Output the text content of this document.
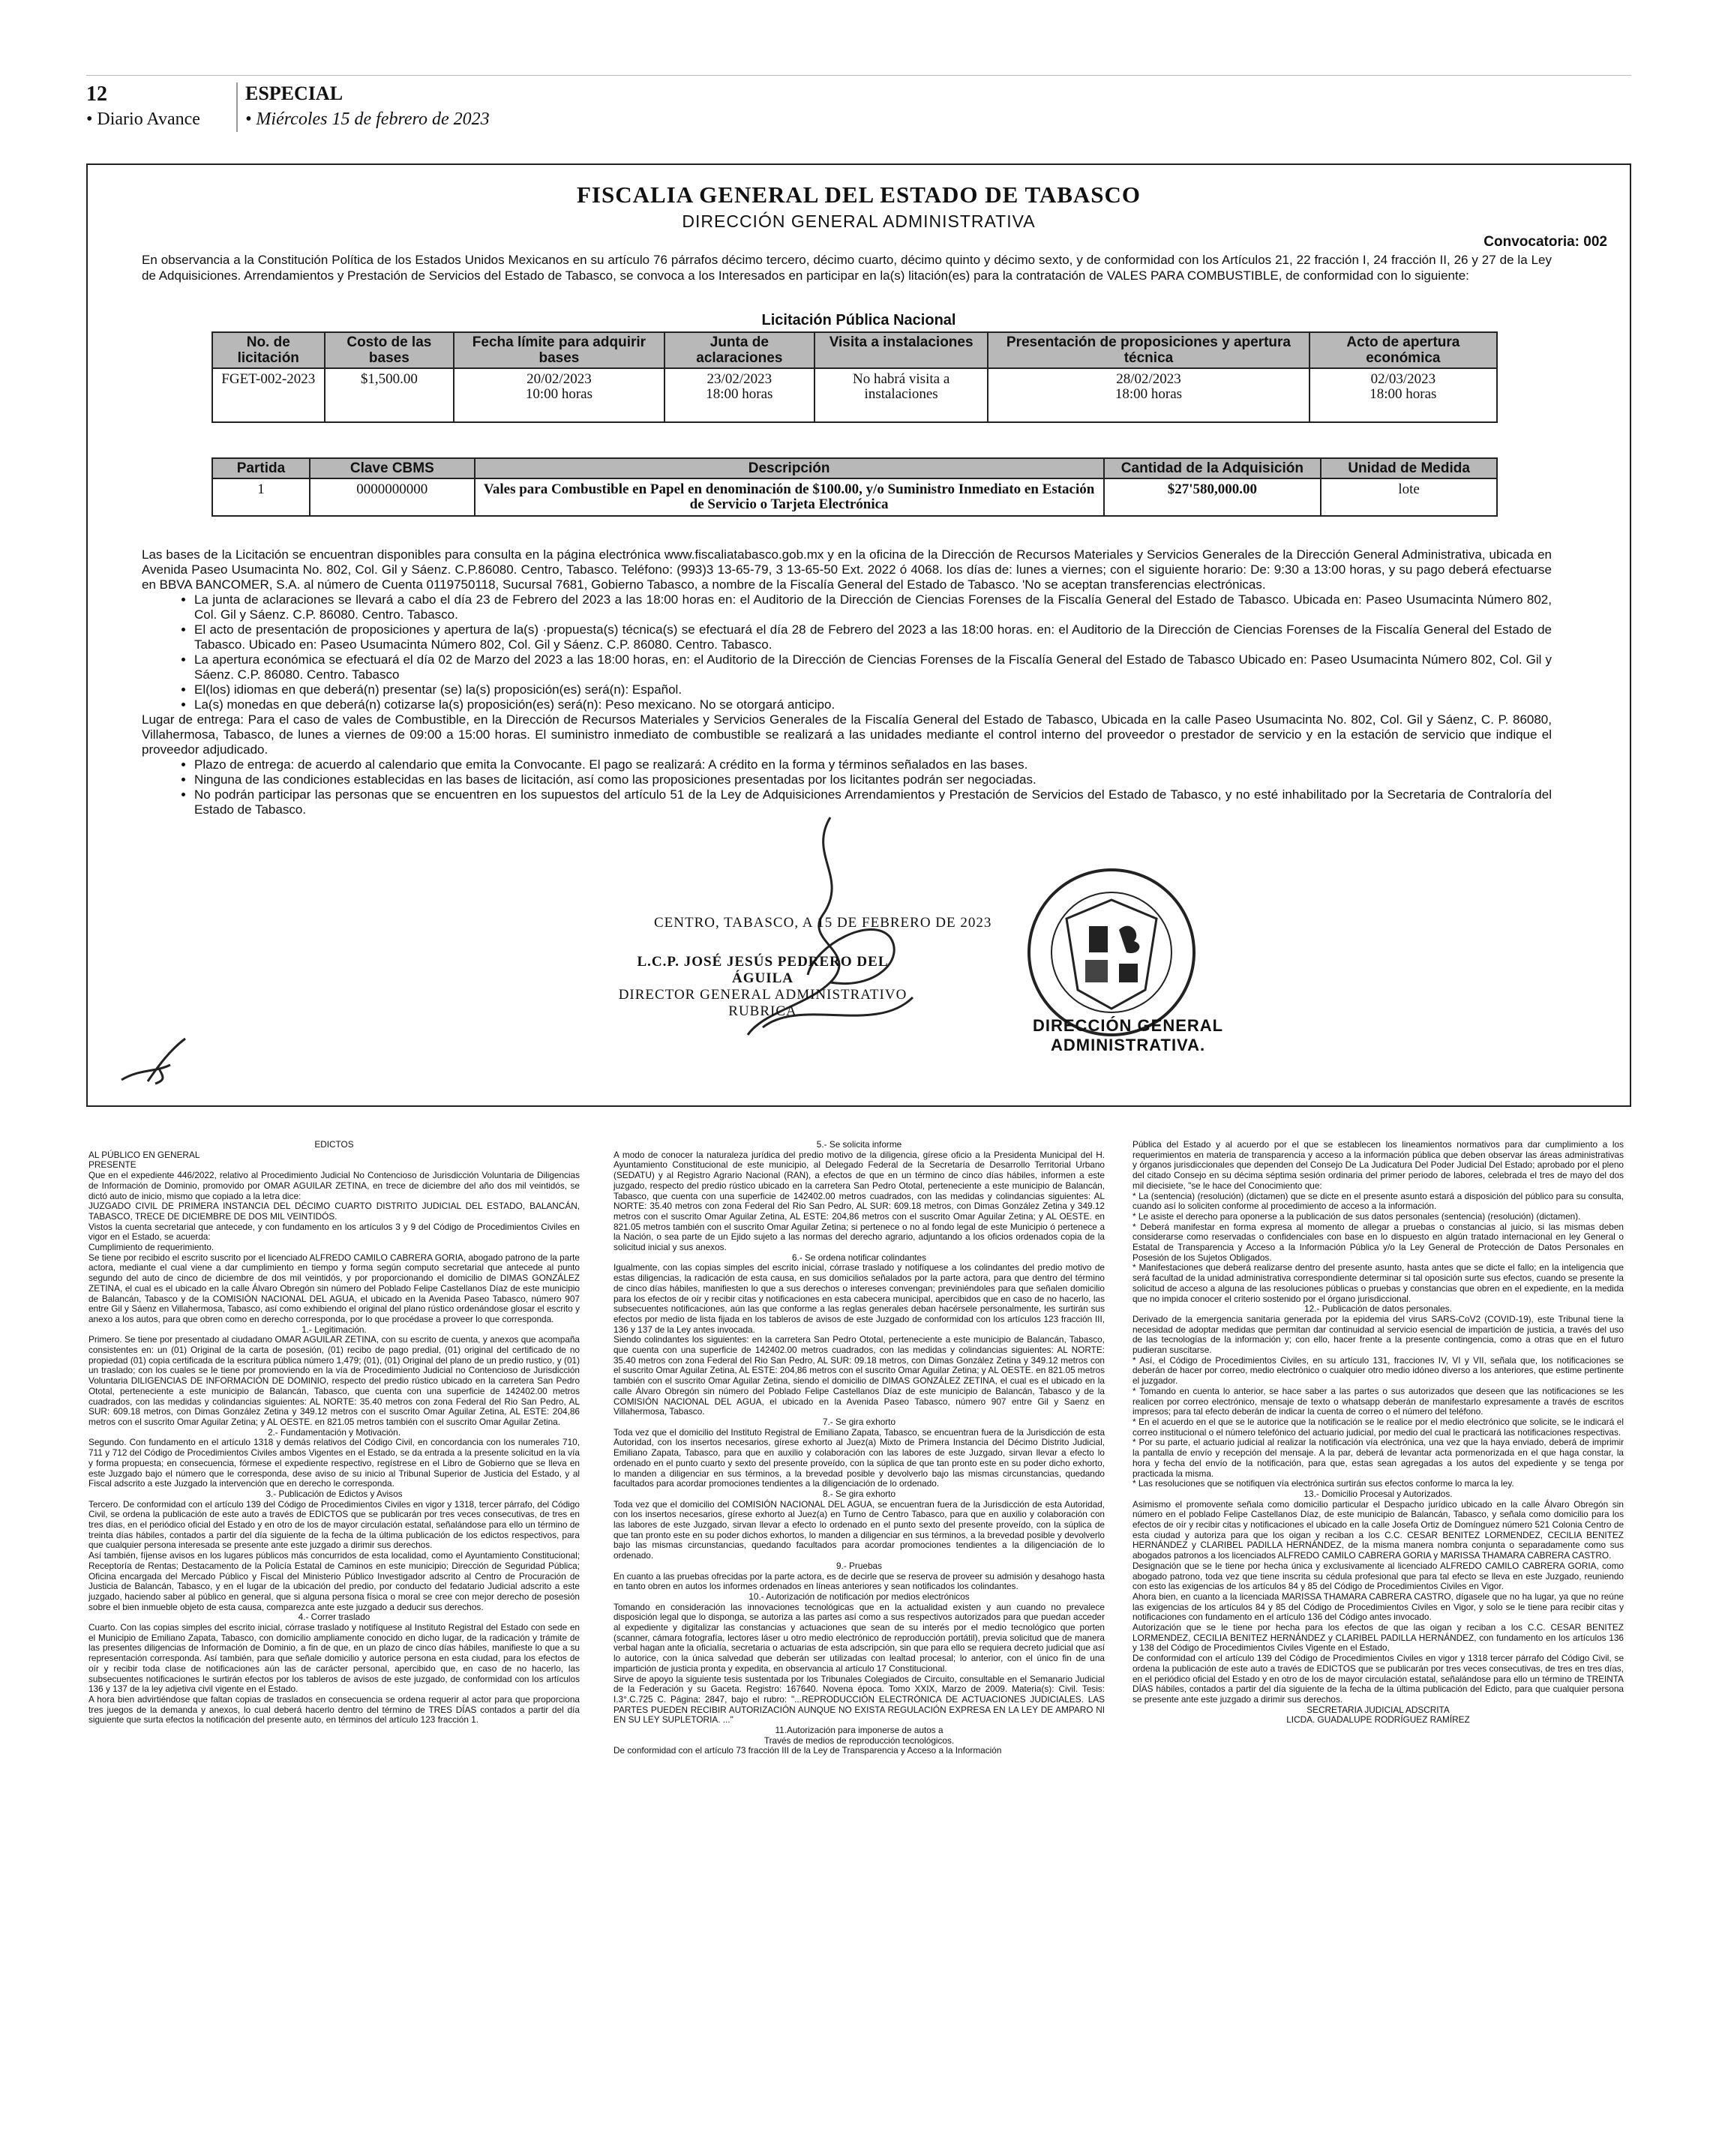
12
• Diario Avance
ESPECIAL
• Miércoles 15 de febrero de 2023
FISCALIA GENERAL DEL ESTADO DE TABASCO
DIRECCIÓN GENERAL ADMINISTRATIVA
Convocatoria: 002
En observancia a la Constitución Política de los Estados Unidos Mexicanos en su artículo 76 párrafos décimo tercero, décimo cuarto, décimo quinto y décimo sexto, y de conformidad con los Artículos 21, 22 fracción I, 24 fracción II, 26 y 27 de la Ley de Adquisiciones. Arrendamientos y Prestación de Servicios del Estado de Tabasco, se convoca a los Interesados en participar en la(s) litación(es) para la contratación de VALES PARA COMBUSTIBLE, de conformidad con lo siguiente:
Licitación Pública Nacional
No. de licitación	Costo de las bases	Fecha límite para adquirir bases	Junta de aclaraciones	Visita a instalaciones	Presentación de proposiciones y apertura técnica	Acto de apertura económica
FGET-002-2023	$1,500.00	20/02/2023
10:00 horas	23/02/2023
18:00 horas	No habrá visita a instalaciones	28/02/2023
18:00 horas	02/03/2023
18:00 horas
Partida	Clave CBMS	Descripción	Cantidad de la Adquisición	Unidad de Medida
1	0000000000	Vales para Combustible en Papel en denominación de $100.00, y/o Suministro Inmediato en Estación de Servicio o Tarjeta Electrónica	$27'580,000.00	lote

Las bases de la Licitación se encuentran disponibles para consulta en la página electrónica www.fiscaliatabasco.gob.mx y en la oficina de la Dirección de Recursos Materiales y Servicios Generales de la Dirección General Administrativa, ubicada en Avenida Paseo Usumacinta No. 802, Col. Gil y Sáenz. C.P.86080. Centro, Tabasco. Teléfono: (993)3 13-65-79, 3 13-65-50 Ext. 2022 ó 4068. los días de: lunes a viernes; con el siguiente horario: De: 9:30 a 13:00 horas, y su pago deberá efectuarse en BBVA BANCOMER, S.A. al número de Cuenta 0119750118, Sucursal 7681, Gobierno Tabasco, a nombre de la Fiscalía General del Estado de Tabasco. 'No se aceptan transferencias electrónicas.

• La junta de aclaraciones se llevará a cabo el día 23 de Febrero del 2023 a las 18:00 horas en: el Auditorio de la Dirección de Ciencias Forenses de la Fiscalía General del Estado de Tabasco. Ubicada en: Paseo Usumacinta Número 802, Col. Gil y Sáenz. C.P. 86080. Centro. Tabasco.
• El acto de presentación de proposiciones y apertura de la(s) ·propuesta(s) técnica(s) se efectuará el día 28 de Febrero del 2023 a las 18:00 horas. en: el Auditorio de la Dirección de Ciencias Forenses de la Fiscalía General del Estado de Tabasco. Ubicado en: Paseo Usumacinta Número 802, Col. Gil y Sáenz. C.P. 86080. Centro. Tabasco.
• La apertura económica se efectuará el día 02 de Marzo del 2023 a las 18:00 horas, en: el Auditorio de la Dirección de Ciencias Forenses de la Fiscalía General del Estado de Tabasco Ubicado en: Paseo Usumacinta Número 802, Col. Gil y Sáenz. C.P. 86080. Centro. Tabasco
• El(los) idiomas en que deberá(n) presentar (se) la(s) proposición(es) será(n): Español.
• La(s) monedas en que deberá(n) cotizarse la(s) proposición(es) será(n): Peso mexicano. No se otorgará anticipo.

Lugar de entrega: Para el caso de vales de Combustible, en la Dirección de Recursos Materiales y Servicios Generales de la Fiscalía General del Estado de Tabasco, Ubicada en la calle Paseo Usumacinta No. 802, Col. Gil y Sáenz, C. P. 86080, Villahermosa, Tabasco, de lunes a viernes de 09:00 a 15:00 horas. El suministro inmediato de combustible se realizará a las unidades mediante el control interno del proveedor o prestador de servicio y en la estación de servicio que indique el proveedor adjudicado.

• Plazo de entrega: de acuerdo al calendario que emita la Convocante. El pago se realizará: A crédito en la forma y términos señalados en las bases.
• Ninguna de las condiciones establecidas en las bases de licitación, así como las proposiciones presentadas por los licitantes podrán ser negociadas.
• No podrán participar las personas que se encuentren en los supuestos del artículo 51 de la Ley de Adquisiciones Arrendamientos y Prestación de Servicios del Estado de Tabasco, y no esté inhabilitado por la Secretaria de Contraloría del Estado de Tabasco.
CENTRO, TABASCO, A 15 DE FEBRERO DE 2023
L.C.P. JOSÉ JESÚS PEDRERO DEL ÁGUILA
DIRECTOR GENERAL ADMINISTRATIVO
RUBRICA
DIRECCIÓN GENERAL
ADMINISTRATIVA.

EDICTOS

AL PÚBLICO EN GENERAL

PRESENTE

Que en el expediente 446/2022, relativo al Procedimiento Judicial No Contencioso de Jurisdicción Voluntaria de Diligencias de Información de Dominio, promovido por OMAR AGUILAR ZETINA, en trece de diciembre del año dos mil veintidós, se dictó auto de inicio, mismo que copiado a la letra dice:

JUZGADO CIVIL DE PRIMERA INSTANCIA DEL DÉCIMO CUARTO DISTRITO JUDICIAL DEL ESTADO, BALANCÁN, TABASCO, TRECE DE DICIEMBRE DE DOS MIL VEINTIDÓS.

Vistos la cuenta secretarial que antecede, y con fundamento en los artículos 3 y 9 del Código de Procedimientos Civiles en vigor en el Estado, se acuerda:

Cumplimiento de requerimiento.

Se tiene por recibido el escrito suscrito por el licenciado ALFREDO CAMILO CABRERA GORIA, abogado patrono de la parte actora, mediante el cual viene a dar cumplimiento en tiempo y forma según computo secretarial que antecede al punto segundo del auto de cinco de diciembre de dos mil veintidós, y por proporcionando el domicilio de DIMAS GONZÁLEZ ZETINA, el cual es el ubicado en la calle Álvaro Obregón sin número del Poblado Felipe Castellanos Díaz de este municipio de Balancán, Tabasco y de la COMISIÓN NACIONAL DEL AGUA, el ubicado en la Avenida Paseo Tabasco, número 907 entre Gil y Sáenz en Villahermosa, Tabasco, así como exhibiendo el original del plano rústico ordenándose glosar el escrito y anexo a los autos, para que obren como en derecho corresponda, por lo que procédase a proveer lo que corresponda.

1.- Legitimación.

Primero. Se tiene por presentado al ciudadano OMAR AGUILAR ZETINA, con su escrito de cuenta, y anexos que acompaña consistentes en: un (01) Original de la carta de posesión, (01) recibo de pago predial, (01) original del certificado de no propiedad (01) copia certificada de la escritura pública número 1,479; (01), (01) Original del plano de un predio rustico, y (01) un traslado; con los cuales se le tiene por promoviendo en la vía de Procedimiento Judicial no Contencioso de Jurisdicción Voluntaria DILIGENCIAS DE INFORMACIÓN DE DOMINIO, respecto del predio rústico ubicado en la carretera San Pedro Ototal, perteneciente a este municipio de Balancán, Tabasco, que cuenta con una superficie de 142402.00 metros cuadrados, con las medidas y colindancias siguientes: AL NORTE: 35.40 metros con zona Federal del Rio San Pedro, AL SUR: 609.18 metros, con Dimas González Zetina y 349.12 metros con el suscrito Omar Aguilar Zetina, AL ESTE: 204,86 metros con el suscrito Omar Aguilar Zetina; y AL OESTE. en 821.05 metros también con el suscrito Omar Aguilar Zetina.

2.- Fundamentación y Motivación.

Segundo. Con fundamento en el artículo 1318 y demás relativos del Código Civil, en concordancia con los numerales 710, 711 y 712 del Código de Procedimientos Civiles ambos Vigentes en el Estado, se da entrada a la presente solicitud en la vía y forma propuesta; en consecuencia, fórmese el expediente respectivo, regístrese en el Libro de Gobierno que se lleva en este Juzgado bajo el número que le corresponda, dese aviso de su inicio al Tribunal Superior de Justicia del Estado, y al Fiscal adscrito a este Juzgado la intervención que en derecho le corresponda.

3.- Publicación de Edictos y Avisos

Tercero. De conformidad con el artículo 139 del Código de Procedimientos Civiles en vigor y 1318, tercer párrafo, del Código Civil, se ordena la publicación de este auto a través de EDICTOS que se publicarán por tres veces consecutivas, de tres en tres días, en el periódico oficial del Estado y en otro de los de mayor circulación estatal, señalándose para ello un término de treinta días hábiles, contados a partir del día siguiente de la fecha de la última publicación de los edictos respectivos, para que cualquier persona interesada se presente ante este juzgado a dirimir sus derechos.

Así también, fíjense avisos en los lugares públicos más concurridos de esta localidad, como el Ayuntamiento Constitucional; Receptoría de Rentas; Destacamento de la Policía Estatal de Caminos en este municipio; Dirección de Seguridad Pública; Oficina encargada del Mercado Público y Fiscal del Ministerio Público Investigador adscrito al Centro de Procuración de Justicia de Balancán, Tabasco, y en el lugar de la ubicación del predio, por conducto del fedatario Judicial adscrito a este juzgado, haciendo saber al público en general, que si alguna persona física o moral se cree con mejor derecho de posesión sobre el bien inmueble objeto de esta causa, comparezca ante este juzgado a deducir sus derechos.

4.- Correr traslado

Cuarto. Con las copias simples del escrito inicial, córrase traslado y notifíquese al Instituto Registral del Estado con sede en el Municipio de Emiliano Zapata, Tabasco, con domicilio ampliamente conocido en dicho lugar, de la radicación y trámite de las presentes diligencias de Información de Dominio, a fin de que, en un plazo de cinco días hábiles, manifieste lo que a su representación corresponda. Así también, para que señale domicilio y autorice persona en esta ciudad, para los efectos de oír y recibir toda clase de notificaciones aún las de carácter personal, apercibido que, en caso de no hacerlo, las subsecuentes notificaciones le surtirán efectos por los tableros de avisos de este juzgado, de conformidad con los artículos 136 y 137 de la ley adjetiva civil vigente en el Estado.

A hora bien advirtiéndose que faltan copias de traslados en consecuencia se ordena requerir al actor para que proporciona tres juegos de la demanda y anexos, lo cual deberá hacerlo dentro del término de TRES DÍAS contados a partir del día siguiente que surta efectos la notificación del presente auto, en términos del artículo 123 fracción 1.

5.- Se solicita informe

A modo de conocer la naturaleza jurídica del predio motivo de la diligencia, gírese oficio a la Presidenta Municipal del H. Ayuntamiento Constitucional de este municipio, al Delegado Federal de la Secretaría de Desarrollo Territorial Urbano (SEDATU) y al Registro Agrario Nacional (RAN), a efectos de que en un término de cinco días hábiles, informen a este juzgado, respecto del predio rústico ubicado en la carretera San Pedro Ototal, perteneciente a este municipio de Balancán, Tabasco, que cuenta con una superficie de 142402.00 metros cuadrados, con las medidas y colindancias siguientes: AL NORTE: 35.40 metros con zona Federal del Rio San Pedro, AL SUR: 609.18 metros, con Dimas González Zetina y 349.12 metros con el suscrito Omar Aguilar Zetina, AL ESTE: 204,86 metros con el suscrito Omar Aguilar Zetina; y AL OESTE. en 821.05 metros también con el suscrito Omar Aguilar Zetina; si pertenece o no al fondo legal de este Municipio ó pertenece a la Nación, o sea parte de un Ejido sujeto a las normas del derecho agrario, adjuntando a los oficios ordenados copia de la solicitud inicial y sus anexos.

6.- Se ordena notificar colindantes

Igualmente, con las copias simples del escrito inicial, córrase traslado y notifíquese a los colindantes del predio motivo de estas diligencias, la radicación de esta causa, en sus domicilios señalados por la parte actora, para que dentro del término de cinco días hábiles, manifiesten lo que a sus derechos o intereses convengan; previniéndoles para que señalen domicilio para los efectos de oír y recibir citas y notificaciones en esta cabecera municipal, apercibidos que en caso de no hacerlo, las subsecuentes notificaciones, aún las que conforme a las reglas generales deban hacérsele personalmente, les surtirán sus efectos por medio de lista fijada en los tableros de avisos de este Juzgado de conformidad con los artículos 123 fracción III, 136 y 137 de la Ley antes invocada.

Siendo colindantes los siguientes: en la carretera San Pedro Ototal, perteneciente a este municipio de Balancán, Tabasco, que cuenta con una superficie de 142402.00 metros cuadrados, con las medidas y colindancias siguientes: AL NORTE: 35.40 metros con zona Federal del Rio San Pedro, AL SUR: 09.18 metros, con Dimas González Zetina y 349.12 metros con el suscrito Omar Aguilar Zetina, AL ESTE: 204,86 metros con el suscrito Omar Aguilar Zetina; y AL OESTE. en 821.05 metros también con el suscrito Omar Aguilar Zetina, siendo el domicilio de DIMAS GONZÁLEZ ZETINA, el cual es el ubicado en la calle Álvaro Obregón sin número del Poblado Felipe Castellanos Díaz de este municipio de Balancán, Tabasco y de la COMISIÓN NACIONAL DEL AGUA, el ubicado en la Avenida Paseo Tabasco, número 907 entre Gil y Saenz en Villahermosa, Tabasco.

7.- Se gira exhorto

Toda vez que el domicilio del Instituto Registral de Emiliano Zapata, Tabasco, se encuentran fuera de la Jurisdicción de esta Autoridad, con los insertos necesarios, gírese exhorto al Juez(a) Mixto de Primera Instancia del Décimo Distrito Judicial, Emiliano Zapata, Tabasco, para que en auxilio y colaboración con las labores de este Juzgado, sirvan llevar a efecto lo ordenado en el punto cuarto y sexto del presente proveído, con la súplica de que tan pronto este en su poder dicho exhorto, lo manden a diligenciar en sus términos, a la brevedad posible y devolverlo bajo las mismas circunstancias, quedando facultados para acordar promociones tendientes a la diligenciación de lo ordenado.

8.- Se gira exhorto

Toda vez que el domicilio del COMISIÓN NACIONAL DEL AGUA, se encuentran fuera de la Jurisdicción de esta Autoridad, con los insertos necesarios, gírese exhorto al Juez(a) en Turno de Centro Tabasco, para que en auxilio y colaboración con las labores de este Juzgado, sirvan llevar a efecto lo ordenado en el punto sexto del presente proveído, con la súplica de que tan pronto este en su poder dichos exhortos, lo manden a diligenciar en sus términos, a la brevedad posible y devolverlo bajo las mismas circunstancias, quedando facultados para acordar promociones tendientes a la diligenciación de lo ordenado.

9.- Pruebas

En cuanto a las pruebas ofrecidas por la parte actora, es de decirle que se reserva de proveer su admisión y desahogo hasta en tanto obren en autos los informes ordenados en líneas anteriores y sean notificados los colindantes.

10.- Autorización de notificación por medios electrónicos

Tomando en consideración las innovaciones tecnológicas que en la actualidad existen y aun cuando no prevalece disposición legal que lo disponga, se autoriza a las partes así como a sus respectivos autorizados para que puedan acceder al expediente y digitalizar las constancias y actuaciones que sean de su interés por el medio tecnológico que porten (scanner, cámara fotografía, lectores láser u otro medio electrónico de reproducción portátil), previa solicitud que de manera verbal hagan ante la oficialía, secretaria o actuarias de esta adscripción, sin que para ello se requiera decreto judicial que así lo autorice, con la única salvedad que deberán ser utilizadas con lealtad procesal; lo anterior, con el único fin de una impartición de justicia pronta y expedita, en observancia al artículo 17 Constitucional.

Sirve de apoyo la siguiente tesis sustentada por los Tribunales Colegiados de Circuito, consultable en el Semanario Judicial de la Federación y su Gaceta. Registro: 167640. Novena época. Tomo XXIX, Marzo de 2009. Materia(s): Civil. Tesis: I.3°.C.725 C. Página: 2847, bajo el rubro: "...REPRODUCCIÓN ELECTRÓNICA DE ACTUACIONES JUDICIALES. LAS PARTES PUEDEN RECIBIR AUTORIZACIÓN AUNQUE NO EXISTA REGULACIÓN EXPRESA EN LA LEY DE AMPARO NI EN SU LEY SUPLETORIA. ..."

11.Autorización para imponerse de autos a

Través de medios de reproducción tecnológicos.

De conformidad con el artículo 73 fracción III de la Ley de Transparencia y Acceso a la Información

Pública del Estado y al acuerdo por el que se establecen los lineamientos normativos para dar cumplimiento a los requerimientos en materia de transparencia y acceso a la información pública que deben observar las áreas administrativas y órganos jurisdiccionales que dependen del Consejo De La Judicatura Del Poder Judicial Del Estado; aprobado por el pleno del citado Consejo en su décima séptima sesión ordinaria del primer periodo de labores, celebrada el tres de mayo del dos mil diecisiete, "se le hace del Conocimiento que:

* La (sentencia) (resolución) (dictamen) que se dicte en el presente asunto estará a disposición del público para su consulta, cuando así lo soliciten conforme al procedimiento de acceso a la información.

* Le asiste el derecho para oponerse a la publicación de sus datos personales (sentencia) (resolución) (dictamen).

* Deberá manifestar en forma expresa al momento de allegar a pruebas o constancias al juicio, si las mismas deben considerarse como reservadas o confidenciales con base en lo dispuesto en algún tratado internacional en ley General o Estatal de Transparencia y Acceso a la Información Pública y/o la Ley General de Protección de Datos Personales en Posesión de los Sujetos Obligados.

* Manifestaciones que deberá realizarse dentro del presente asunto, hasta antes que se dicte el fallo; en la inteligencia que será facultad de la unidad administrativa correspondiente determinar si tal oposición surte sus efectos, cuando se presente la solicitud de acceso a alguna de las resoluciones públicas o pruebas y constancias que obren en el expediente, en la medida que no impida conocer el criterio sostenido por el órgano jurisdiccional.

12.- Publicación de datos personales.

Derivado de la emergencia sanitaria generada por la epidemia del virus SARS-CoV2 (COVID-19), este Tribunal tiene la necesidad de adoptar medidas que permitan dar continuidad al servicio esencial de impartición de justicia, a través del uso de las tecnologías de la información y; con ello, hacer frente a la presente contingencia, como a otras que en el futuro pudieran suscitarse.

* Así, el Código de Procedimientos Civiles, en su artículo 131, fracciones IV, VI y VII, señala que, los notificaciones se deberán de hacer por correo, medio electrónico o cualquier otro medio idóneo diverso a los anteriores, que estime pertinente el juzgador.

* Tomando en cuenta lo anterior, se hace saber a las partes o sus autorizados que deseen que las notificaciones se les realicen por correo electrónico, mensaje de texto o whatsapp deberán de manifestarlo expresamente a través de escritos impresos; para tal efecto deberán de indicar la cuenta de correo o el número del teléfono.

* En el acuerdo en el que se le autorice que la notificación se le realice por el medio electrónico que solicite, se le indicará el correo institucional o el número telefónico del actuario judicial, por medio del cual le practicará las notificaciones respectivas.

* Por su parte, el actuario judicial al realizar la notificación vía electrónica, una vez que la haya enviado, deberá de imprimir la pantalla de envío y recepción del mensaje. A la par, deberá de levantar acta pormenorizada en el que haga constar, la hora y fecha del envío de la notificación, para que, estas sean agregadas a los autos del expediente y se tenga por practicada la misma.

* Las resoluciones que se notifiquen vía electrónica surtirán sus efectos conforme lo marca la ley.

13.- Domicilio Procesal y Autorizados.

Asimismo el promovente señala como domicilio particular el Despacho jurídico ubicado en la calle Álvaro Obregón sin número en el poblado Felipe Castellanos Díaz, de este municipio de Balancán, Tabasco, y señala como domicilio para los efectos de oír y recibir citas y notificaciones el ubicado en la calle Josefa Ortiz de Domínguez número 521 Colonia Centro de esta ciudad y autoriza para que los oigan y reciban a los C.C. CESAR BENITEZ LORMENDEZ, CECILIA BENITEZ HERNÁNDEZ y CLARIBEL PADILLA HERNÁNDEZ, de la misma manera nombra conjunta o separadamente como sus abogados patronos a los licenciados ALFREDO CAMILO CABRERA GORIA y MARISSA THAMARA CABRERA CASTRO.

Designación que se le tiene por hecha única y exclusivamente al licenciado ALFREDO CAMILO CABRERA GORIA, como abogado patrono, toda vez que tiene inscrita su cédula profesional que para tal efecto se lleva en este Juzgado, reuniendo con esto las exigencias de los artículos 84 y 85 del Código de Procedimientos Civiles en Vigor.

Ahora bien, en cuanto a la licenciada MARISSA THAMARA CABRERA CASTRO, dígasele que no ha lugar, ya que no reúne las exigencias de los artículos 84 y 85 del Código de Procedimientos Civiles en Vigor, y solo se le tiene para recibir citas y notificaciones con fundamento en el artículo 136 del Código antes invocado.

Autorización que se le tiene por hecha para los efectos de que las oigan y reciban a los C.C. CESAR BENITEZ LORMENDEZ, CECILIA BENITEZ HERNÁNDEZ y CLARIBEL PADILLA HERNÁNDEZ, con fundamento en los artículos 136 y 138 del Código de Procedimientos Civiles Vigente en el Estado,

De conformidad con el artículo 139 del Código de Procedimientos Civiles en vigor y 1318 tercer párrafo del Código Civil, se ordena la publicación de este auto a través de EDICTOS que se publicarán por tres veces consecutivas, de tres en tres días, en el periódico oficial del Estado y en otro de los de mayor circulación estatal, señalándose para ello un término de TREINTA DÍAS hábiles, contados a partir del día siguiente de la fecha de la última publicación del Edicto, para que cualquier persona se presente ante este juzgado a dirimir sus derechos.

SECRETARIA JUDICIAL ADSCRITA

LICDA. GUADALUPE RODRÍGUEZ RAMÍREZ
